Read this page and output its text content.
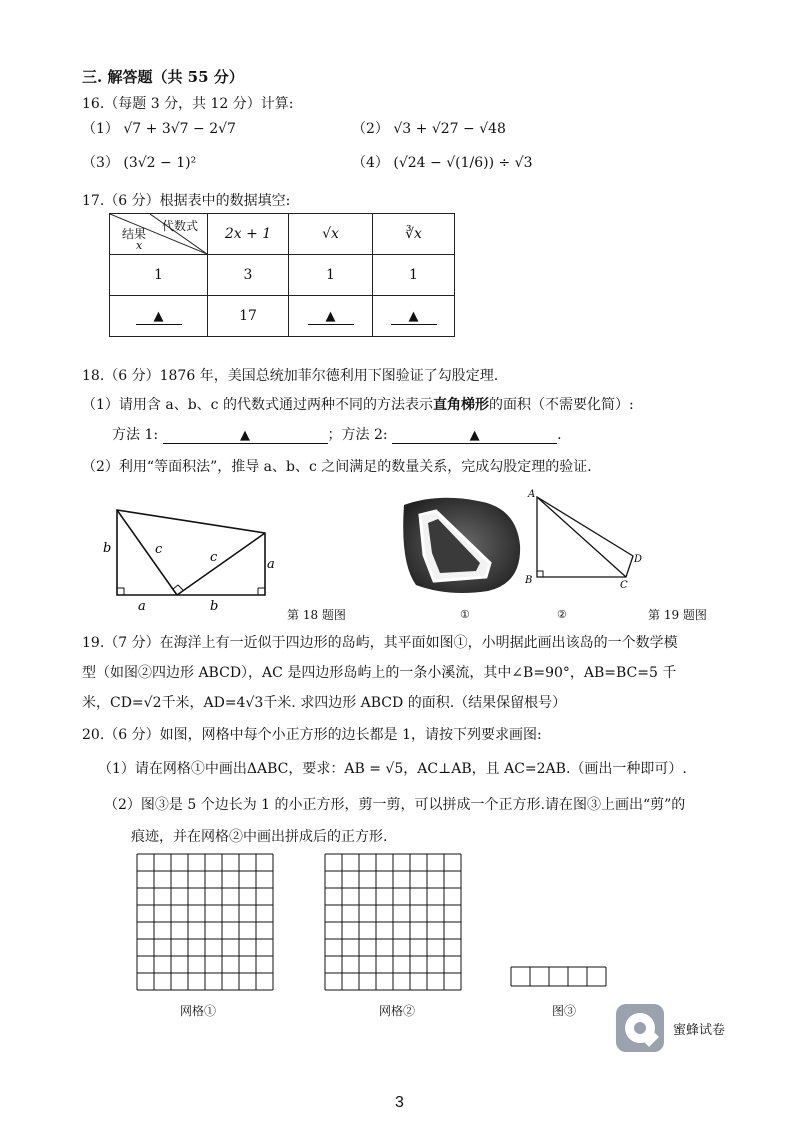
三. 解答题（共 55 分）
16.（每题 3 分，共 12 分）计算:
（1） √7 + 3√7 − 2√7	（2） √3 + √27 − √48
（3） (3√2 − 1)²	（4） (√24 − √(1/6)) ÷ √3
17.（6 分）根据表中的数据填空:
代数式
结果
x	2x + 1	√x	∛x
1	3	1	1
▲	17	▲	▲
18.（6 分）1876 年，美国总统加菲尔德利用下图验证了勾股定理.
（1）请用含 a、b、c 的代数式通过两种不同的方法表示直角梯形的面积（不需要化简）:
方法 1:	▲	；方法 2:	▲	.
（2）利用“等面积法”，推导 a、b、c 之间满足的数量关系，完成勾股定理的验证.
b	c
c	a
a	b
第 18 题图	①	②
A
B	C
D
第 19 题图
19.（7 分）在海洋上有一近似于四边形的岛屿，其平面如图①，小明据此画出该岛的一个数学模
型（如图②四边形 ABCD），AC 是四边形岛屿上的一条小溪流，其中∠B=90°，AB=BC=5 千
米，CD=√2千米，AD=4√3千米. 求四边形 ABCD 的面积.（结果保留根号）
20.（6 分）如图，网格中每个小正方形的边长都是 1，请按下列要求画图:
（1）请在网格①中画出ΔABC，要求：AB = √5，AC⊥AB，且 AC=2AB.（画出一种即可）.
（2）图③是 5 个边长为 1 的小正方形，剪一剪，可以拼成一个正方形.请在图③上画出“剪”的
痕迹，并在网格②中画出拼成后的正方形.
网格①	网格②	图③
蜜蜂试卷
3
